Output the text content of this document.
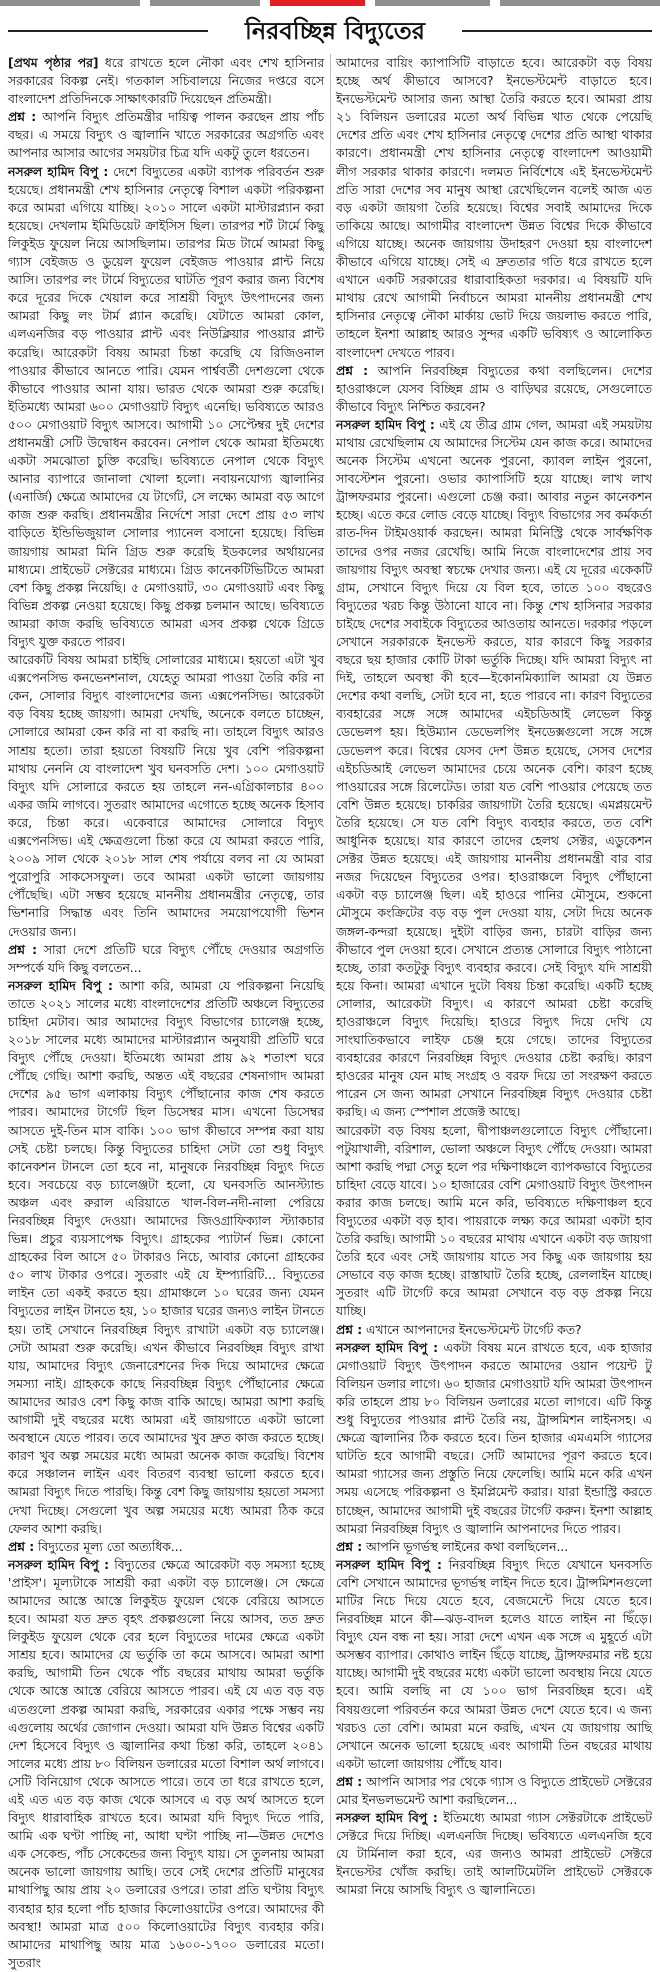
নিরবচ্ছিন্ন বিদ্যুতের

[প্রথম পৃষ্ঠার পর] ধরে রাখতে হলে নৌকা এবং শেখ হাসিনার সরকারের বিকল্প নেই। গতকাল সচিবালয়ে নিজের দপ্তরে বসে বাংলাদেশ প্রতিদিনকে সাক্ষাৎকারটি দিয়েছেন প্রতিমন্ত্রী।

প্রশ্ন : আপনি বিদ্যুৎ প্রতিমন্ত্রীর দায়িত্ব পালন করছেন প্রায় পাঁচ বছর। এ সময়ে বিদ্যুৎ ও জ্বালানি খাতে সরকারের অগ্রগতি এবং আপনার আসার আগের সময়টার চিত্র যদি একটু তুলে ধরতেন।

নসরুল হামিদ বিপু : দেশে বিদ্যুতের একটা ব্যাপক পরিবর্তন শুরু হয়েছে। প্রধানমন্ত্রী শেখ হাসিনার নেতৃত্বে বিশাল একটা পরিকল্পনা করে আমরা এগিয়ে যাচ্ছি। ২০১০ সালে একটা মাস্টারপ্ল্যান করা হয়েছে। দেখলাম ইমিডিয়েট ক্রাইসিস ছিল। তারপর শর্ট টার্মে কিছু লিকুইড ফুয়েল নিয়ে আসছিলাম। তারপর মিড টার্মে আমরা কিছু গ্যাস বেইজড ও ডুয়েল ফুয়েল বেইজড পাওয়ার প্লান্ট নিয়ে আসি। তারপর লং টার্মে বিদ্যুতের ঘাটতি পূরণ করার জন্য বিশেষ করে দূরের দিকে খেয়াল করে সাশ্রয়ী বিদ্যুৎ উৎপাদনের জন্য আমরা কিছু লং টার্ম প্ল্যান করেছি। যেটাতে আমরা কোল, এলএনজির বড় পাওয়ার প্লান্ট এবং নিউক্লিয়ার পাওয়ার প্লান্ট করেছি। আরেকটা বিষয় আমরা চিন্তা করেছি যে রিজিওনাল পাওয়ার কীভাবে আনতে পারি। যেমন পার্শ্ববর্তী দেশগুলো থেকে কীভাবে পাওয়ার আনা যায়। ভারত থেকে আমরা শুরু করেছি। ইতিমধ্যে আমরা ৬০০ মেগাওয়াট বিদ্যুৎ এনেছি। ভবিষ্যতে আরও ৫০০ মেগাওয়াট বিদ্যুৎ আসবে। আগামী ১০ সেপ্টেম্বর দুই দেশের প্রধানমন্ত্রী সেটি উদ্বোধন করবেন। নেপাল থেকে আমরা ইতিমধ্যে একটা সমঝোতা চুক্তি করেছি। ভবিষ্যতে নেপাল থেকে বিদ্যুৎ আনার ব্যাপারে জানালা খোলা হলো। নবায়নযোগ্য জ্বালানির (এনার্জি) ক্ষেত্রে আমাদের যে টার্গেট, সে লক্ষ্যে আমরা বড় আগে কাজ শুরু করছি। প্রধানমন্ত্রীর নির্দেশে সারা দেশে প্রায় ৫৩ লাখ বাড়িতে ইন্ডিভিজুয়াল সোলার প্যানেল বসানো হয়েছে। বিভিন্ন জায়গায় আমরা মিনি গ্রিড শুরু করেছি ইডকলের অর্থায়নের মাধ্যমে। প্রাইভেট সেক্টরের মাধ্যমে। গ্রিড কানেকটিভিটিতে আমরা বেশ কিছু প্রকল্প নিয়েছি। ৫ মেগাওয়াট, ৩০ মেগাওয়াট এবং কিছু বিভিন্ন প্রকল্প নেওয়া হয়েছে। কিছু প্রকল্প চলমান আছে। ভবিষ্যতে আমরা কাজ করছি ভবিষ্যতে আমরা এসব প্রকল্প থেকে গ্রিডে বিদ্যুৎ যুক্ত করতে পারব।

আরেকটি বিষয় আমরা চাইছি সোলারের মাধ্যমে। হয়তো এটা খুব এক্সপেনসিভ কনভেনশনাল, যেহেতু আমরা পাওয়া তৈরি করি না কেন, সোলার বিদ্যুৎ বাংলাদেশের জন্য এক্সপেনসিভ। আরেকটা বড় বিষয় হচ্ছে জায়গা। আমরা দেখছি, অনেকে বলতে চাচ্ছেন, সোলারে আমরা কেন করি না বা করছি না। তাহলে বিদ্যুৎ আরও সাশ্রয় হতো। তারা হয়তো বিষয়টি নিয়ে খুব বেশি পরিকল্পনা মাথায় নেননি যে বাংলাদেশ খুব ঘনবসতি দেশ। ১০০ মেগাওয়াট বিদ্যুৎ যদি সোলারে করতে হয় তাহলে নন-এগ্রিকালচার ৪০০ একর জমি লাগবে। সুতরাং আমাদের এগোতে হচ্ছে অনেক হিসাব করে, চিন্তা করে। একেবারে আমাদের সোলারে বিদ্যুৎ এক্সপেনসিভ। এই ক্ষেত্রগুলো চিন্তা করে যে আমরা করতে পারি, ২০০৯ সাল থেকে ২০১৮ সাল শেষ পর্যায়ে বলব না যে আমরা পুরোপুরি সাকসেসফুল। তবে আমরা একটা ভালো জায়গায় পৌঁছেছি। এটা সম্ভব হয়েছে মাননীয় প্রধানমন্ত্রীর নেতৃত্বে, তার ভিশনারি সিদ্ধান্ত এবং তিনি আমাদের সময়োপযোগী ভিশন দেওয়ার জন্য।

প্রশ্ন : সারা দেশে প্রতিটি ঘরে বিদ্যুৎ পৌঁছে দেওয়ার অগ্রগতি সম্পর্কে যদি কিছু বলতেন...

নসরুল হামিদ বিপু : আশা করি, আমরা যে পরিকল্পনা নিয়েছি তাতে ২০২১ সালের মধ্যে বাংলাদেশের প্রতিটি অঞ্চলে বিদ্যুতের চাহিদা মেটাব। আর আমাদের বিদ্যুৎ বিভাগের চ্যালেঞ্জ হচ্ছে, ২০১৮ সালের মধ্যে আমাদের মাস্টারপ্ল্যান অনুযায়ী প্রতিটি ঘরে বিদ্যুৎ পৌঁছে দেওয়া। ইতিমধ্যে আমরা প্রায় ৯২ শতাংশ ঘরে পৌঁছে গেছি। আশা করছি, অন্তত এই বছরের শেষনাগাদ আমরা দেশের ৯৫ ভাগ এলাকায় বিদ্যুৎ পৌঁছানোর কাজ শেষ করতে পারব। আমাদের টার্গেট ছিল ডিসেম্বর মাস। এখনো ডিসেম্বর আসতে দুই-তিন মাস বাকি। ১০০ ভাগ কীভাবে সম্পন্ন করা যায় সেই চেষ্টা চলছে। কিন্তু বিদ্যুতের চাহিদা সেটা তো শুধু বিদ্যুৎ কানেকশন টানলে তো হবে না, মানুষকে নিরবচ্ছিন্ন বিদ্যুৎ দিতে হবে। সবচেয়ে বড় চ্যালেঞ্জটা হলো, যে ঘনবসতি আনস্ট্যান্ড অঞ্চল এবং রুরাল এরিয়াতে খাল-বিল-নদী-নালা পেরিয়ে নিরবচ্ছিন্ন বিদ্যুৎ দেওয়া। আমাদের জিওগ্রাফিক্যাল স্ট্যাকচার ভিন্ন। প্রচুর ব্যয়সাপেক্ষ বিদ্যুৎ। গ্রাহকের প্যাটার্ন ভিন্ন। কোনো গ্রাহকের বিল আসে ৫০ টাকারও নিচে, আবার কোনো গ্রাহকের ৫০ লাখ টাকার ওপরে। সুতরাং এই যে ইম্প্যারিটি... বিদ্যুতের লাইন তো একই করতে হয়। গ্রামাঞ্চলে ১০ ঘরের জন্য যেমন বিদ্যুতের লাইন টানতে হয়, ১০ হাজার ঘরের জন্যও লাইন টানতে হয়। তাই সেখানে নিরবচ্ছিন্ন বিদ্যুৎ রাখাটা একটা বড় চ্যালেঞ্জ। সেটা আমরা শুরু করেছি। এখন কীভাবে নিরবচ্ছিন্ন বিদ্যুৎ রাখা যায়, আমাদের বিদ্যুৎ জেনারেশনের দিক দিয়ে আমাদের ক্ষেত্রে সমস্যা নাই। গ্রাহককে কাছে নিরবচ্ছিন্ন বিদ্যুৎ পৌঁছানোর ক্ষেত্রে আমাদের আরও বেশ কিছু কাজ বাকি আছে। আমরা আশা করছি আগামী দুই বছরের মধ্যে আমরা এই জায়গাতে একটা ভালো অবস্থানে যেতে পারব। তবে আমাদের খুব দ্রুত কাজ করতে হচ্ছে। কারণ খুব অল্প সময়ের মধ্যে আমরা অনেক কাজ করেছি। বিশেষ করে সঞ্চালন লাইন এবং বিতরণ ব্যবস্থা ভালো করতে হবে। আমরা বিদ্যুৎ দিতে পারছি। কিন্তু বেশ কিছু জায়গায় হয়তো সমস্যা দেখা দিচ্ছে। সেগুলো খুব অল্প সময়ের মধ্যে আমরা ঠিক করে ফেলব আশা করছি।

প্রশ্ন : বিদ্যুতের মূল্য তো অত্যধিক...

নসরুল হামিদ বিপু : বিদ্যুতের ক্ষেত্রে আরেকটা বড় সমস্যা হচ্ছে 'প্রাইস'। মূল্যটাকে সাশ্রয়ী করা একটা বড় চ্যালেঞ্জ। সে ক্ষেত্রে আমাদের আস্তে আস্তে লিকুইড ফুয়েল থেকে বেরিয়ে আসতে হবে। আমরা যত দ্রুত বৃহৎ প্রকল্পগুলো নিয়ে আসব, তত দ্রুত লিকুইড ফুয়েল থেকে বের হলে বিদ্যুতের দামের ক্ষেত্রে একটা সাশ্রয় হবে। আমাদের যে ভর্তুকি তা কমে আসবে। আমরা আশা করছি, আগামী তিন থেকে পাঁচ বছরের মাথায় আমরা ভর্তুকি থেকে আস্তে আস্তে বেরিয়ে আসতে পারব। এই যে এত বড় বড় এতগুলো প্রকল্প আমরা করছি, সরকারের একার পক্ষে সম্ভব নয় এগুলোয় অর্থের জোগান দেওয়া। আমরা যদি উন্নত বিশ্বের একটি দেশ হিসেবে বিদ্যুৎ ও জ্বালানির কথা চিন্তা করি, তাহলে ২০৪১ সালের মধ্যে প্রায় ৮০ বিলিয়ন ডলারের মতো বিশাল অর্থ লাগবে। সেটি বিনিয়োগ থেকে আসতে পারে। তবে তা ধরে রাখতে হলে, এই এত এত বড় কাজ থেকে আসবে এ বড় অর্থ আসতে হলে বিদ্যুৎ ধারাবাহিক রাখতে হবে। আমরা যদি বিদ্যুৎ দিতে পারি, আমি এক ঘণ্টা পাচ্ছি না, আধা ঘণ্টা পাচ্ছি না—উন্নত দেশেও এক সেকেন্ড, পাঁচ সেকেন্ডের জন্য বিদ্যুৎ যায়। সে তুলনায় আমরা অনেক ভালো জায়গায় আছি। তবে সেই দেশের প্রতিটি মানুষের মাথাপিছু আয় প্রায় ২০ ডলারের ওপরে। তারা প্রতি ঘণ্টায় বিদ্যুৎ ব্যবহার হার হলো পাঁচ হাজার কিলোওয়াটের ওপরে। আমাদের কী অবস্থা! আমরা মাত্র ৫০০ কিলোওয়াটের বিদ্যুৎ ব্যবহার করি। আমাদের মাথাপিছু আয় মাত্র ১৬০০-১৭০০ ডলারের মতো। সুতরাং

আমাদের বায়িং ক্যাপাসিটি বাড়াতে হবে। আরেকটা বড় বিষয় হচ্ছে অর্থ কীভাবে আসবে? ইনভেস্টমেন্ট বাড়াতে হবে। ইনভেস্টমেন্ট আসার জন্য আস্থা তৈরি করতে হবে। আমরা প্রায় ২১ বিলিয়ন ডলারের মতো অর্থ বিভিন্ন খাত থেকে পেয়েছি দেশের প্রতি এবং শেখ হাসিনার নেতৃত্বে দেশের প্রতি আস্থা থাকার কারণে। প্রধানমন্ত্রী শেখ হাসিনার নেতৃত্বে বাংলাদেশ আওয়ামী লীগ সরকার থাকার কারণে। দলমত নির্বিশেষে এই ইনভেস্টমেন্ট প্রতি সারা দেশের সব মানুষ আস্থা রেখেছিলেন বলেই আজ এত বড় একটা জায়গা তৈরি হয়েছে। বিশ্বের সবাই আমাদের দিকে তাকিয়ে আছে। আগামীর বাংলাদেশ উন্নত বিশ্বের দিকে কীভাবে এগিয়ে যাচ্ছে। অনেক জায়গায় উদাহরণ দেওয়া হয় বাংলাদেশ কীভাবে এগিয়ে যাচ্ছে। সেই এ দ্রুততার গতি ধরে রাখতে হলে এখানে একটি সরকারের ধারাবাহিকতা দরকার। এ বিষয়টি যদি মাথায় রেখে আগামী নির্বাচনে আমরা মাননীয় প্রধানমন্ত্রী শেখ হাসিনার নেতৃত্বে নৌকা মার্কায় ভোট দিয়ে জয়লাভ করতে পারি, তাহলে ইনশা আল্লাহ আরও সুন্দর একটি ভবিষ্যৎ ও আলোকিত বাংলাদেশ দেখতে পারব।

প্রশ্ন : আপনি নিরবচ্ছিন্ন বিদ্যুতের কথা বলছিলেন। দেশের হাওরাঞ্চলে যেসব বিচ্ছিন্ন গ্রাম ও বাড়িঘর রয়েছে, সেগুলোতে কীভাবে বিদ্যুৎ নিশ্চিত করবেন?

নসরুল হামিদ বিপু : এই যে তীব্র গ্রাম গেল, আমরা এই সময়টায় মাথায় রেখেছিলাম যে আমাদের সিস্টেম যেন কাজ করে। আমাদের অনেক সিস্টেম এখনো অনেক পুরনো, ক্যাবল লাইন পুরনো, সাবস্টেশন পুরনো। ওভার ক্যাপাসিটি হয়ে যাচ্ছে। লাখ লাখ ট্রান্সফরমার পুরনো। এগুলো চেঞ্জ করা। আবার নতুন কানেকশন হচ্ছে। এতে করে লোড বেড়ে যাচ্ছে। বিদ্যুৎ বিভাগের সব কর্মকর্তা রাত-দিন টাইমওয়ার্ক করছেন। আমরা মিনিস্ট্রি থেকে সার্বক্ষণিক তাদের ওপর নজর রেখেছি। আমি নিজে বাংলাদেশের প্রায় সব জায়গায় বিদ্যুৎ অবস্থা স্বচক্ষে দেখার জন্য। এই যে দূরের একেকটি গ্রাম, সেখানে বিদ্যুৎ দিয়ে যে বিল হবে, তাতে ১০০ বছরেও বিদ্যুতের খরচ কিন্তু উঠানো যাবে না। কিন্তু শেখ হাসিনার সরকার চাইছে দেশের সবাইকে বিদ্যুতের আওতায় আনতে। দরকার পড়লে সেখানে সরকারকে ইনভেস্ট করতে, যার কারণে কিছু সরকার বছরে ছয় হাজার কোটি টাকা ভর্তুকি দিচ্ছে। যদি আমরা বিদ্যুৎ না দিই, তাহলে অবস্থা কী হবে—ইকোনমিক্যালি আমরা যে উন্নত দেশের কথা বলছি, সেটা হবে না, হতে পারবে না। কারণ বিদ্যুতের ব্যবহারের সঙ্গে সঙ্গে আমাদের এইচডিআই লেভেল কিন্তু ডেভেলপ হয়। হিউম্যান ডেভেলপিং ইনডেক্সগুলো সঙ্গে সঙ্গে ডেভেলপ করে। বিশ্বের যেসব দেশ উন্নত হয়েছে, সেসব দেশের এইচডিআই লেভেল আমাদের চেয়ে অনেক বেশি। কারণ হচ্ছে পাওয়ারের সঙ্গে রিলেটেড। তারা যত বেশি পাওয়ার পেয়েছে তত বেশি উন্নত হয়েছে। চাকরির জায়গাটা তৈরি হয়েছে। এমপ্লয়মেন্ট তৈরি হয়েছে। সে যত বেশি বিদ্যুৎ ব্যবহার করতে, তত বেশি আধুনিক হয়েছে। যার কারণে তাদের হেলথ সেক্টর, এডুকেশন সেক্টর উন্নত হয়েছে। এই জায়গায় মাননীয় প্রধানমন্ত্রী বার বার নজর দিয়েছেন বিদ্যুতের ওপর। হাওরাঞ্চলে বিদ্যুৎ পৌঁছানো একটা বড় চ্যালেঞ্জ ছিল। এই হাওরে পানির মৌসুমে, শুকনো মৌসুমে কংক্রিটের বড় বড় পুল দেওয়া যায়, সেটা দিয়ে অনেক জঙ্গল-কন্দরা হয়েছে। দুইটা বাড়ির জন্য, চারটা বাড়ির জন্য কীভাবে পুল দেওয়া হবে। সেখানে প্রত্যন্ত সোলারে বিদ্যুৎ পাঠানো হচ্ছে, তারা কতটুকু বিদ্যুৎ ব্যবহার করবে। সেই বিদ্যুৎ যদি সাশ্রয়ী হয়ে কিনা। আমরা এখানে দুটো বিষয় চিন্তা করেছি। একটি হচ্ছে সোলার, আরেকটা বিদ্যুৎ। এ কারণে আমরা চেষ্টা করেছি হাওরাঞ্চলে বিদ্যুৎ দিয়েছি। হাওরে বিদ্যুৎ দিয়ে দেখি যে সাংঘাতিকভাবে লাইফ চেঞ্জ হয়ে গেছে। তাদের বিদ্যুতের ব্যবহারের কারণে নিরবচ্ছিন্ন বিদ্যুৎ দেওয়ার চেষ্টা করছি। কারণ হাওরের মানুষ যেন মাছ সংগ্রহ ও বরফ দিয়ে তা সংরক্ষণ করতে পারেন সে জন্য আমরা সেখানে নিরবচ্ছিন্ন বিদ্যুৎ দেওয়ার চেষ্টা করছি। এ জন্য স্পেশাল প্রজেক্ট আছে।

আরেকটা বড় বিষয় হলো, দ্বীপাঞ্চলগুলোতে বিদ্যুৎ পৌঁছানো। পটুয়াখালী, বরিশাল, ভোলা অঞ্চলে বিদ্যুৎ পৌঁছে দেওয়া। আমরা আশা করছি পদ্মা সেতু হলে পর দক্ষিণাঞ্চলে ব্যাপকভাবে বিদ্যুতের চাহিদা বেড়ে যাবে। ১০ হাজারের বেশি মেগাওয়াট বিদ্যুৎ উৎপাদন করার কাজ চলছে। আমি মনে করি, ভবিষ্যতে দক্ষিণাঞ্চল হবে বিদ্যুতের একটা বড় হাব। পায়রাকে লক্ষ্য করে আমরা একটা হাব তৈরি করছি। আগামী ১০ বছরের মাথায় এখানে একটা বড় জায়গা তৈরি হবে এবং সেই জায়গায় যাতে সব কিছু এক জায়গায় হয় সেভাবে বড় কাজ হচ্ছে। রাস্তাঘাট তৈরি হচ্ছে, রেললাইন যাচ্ছে। সুতরাং এটি টার্গেট করে আমরা সেখানে বড় বড় প্রকল্প নিয়ে যাচ্ছি।

প্রশ্ন : এখানে আপনাদের ইনভেস্টমেন্ট টার্গেট কত?

নসরুল হামিদ বিপু : একটা বিষয় মনে রাখতে হবে, এক হাজার মেগাওয়াট বিদ্যুৎ উৎপাদন করতে আমাদের ওয়ান পয়েন্ট টু বিলিয়ন ডলার লাগে। ৬০ হাজার মেগাওয়াট যদি আমরা উৎপাদন করি তাহলে প্রায় ৮০ বিলিয়ন ডলারের মতো লাগবে। এটি কিন্তু শুধু বিদ্যুতের পাওয়ার প্লান্ট তৈরি নয়, ট্রান্সমিশন লাইনসহ। এ ক্ষেত্রে জ্বালানির ঠিক করতে হবে। তিন হাজার এমএমসি গ্যাসের ঘাটতি হবে আগামী বছরে। সেটি আমাদের পূরণ করতে হবে। আমরা গ্যাসের জন্য প্রস্তুতি নিয়ে ফেলেছি। আমি মনে করি এখন সময় এসেছে পরিকল্পনা ও ইমপ্লিমেন্ট করার। যারা ইন্ডাস্ট্রি করতে চাচ্ছেন, আমাদের আগামী দুই বছরের টার্গেট করুন। ইনশা আল্লাহ আমরা নিরবচ্ছিন্ন বিদ্যুৎ ও জ্বালানি আপনাদের দিতে পারব।

প্রশ্ন : আপনি ভূগর্ভস্থ লাইনের কথা বলছিলেন...

নসরুল হামিদ বিপু : নিরবচ্ছিন্ন বিদ্যুৎ দিতে যেখানে ঘনবসতি বেশি সেখানে আমাদের ভূগর্ভস্থ লাইন দিতে হবে। ট্রান্সমিশনগুলো মাটির নিচে দিয়ে যেতে হবে, বেজমেন্টে দিয়ে যেতে হবে। নিরবচ্ছিন্ন মানে কী—ঝড়-বাদল হলেও যাতে লাইন না ছিঁড়ে। বিদ্যুৎ যেন বন্ধ না হয়। সারা দেশে এখন এক সঙ্গে এ মুহূর্তে এটা অসম্ভব ব্যাপার। কোথাও লাইন ছিঁড়ে যাচ্ছে, ট্রান্সফরমার নষ্ট হয়ে যাচ্ছে। আগামী দুই বছরের মধ্যে একটা ভালো অবস্থায় নিয়ে যেতে হবে। আমি বলছি না যে ১০০ ভাগ নিরবচ্ছিন্ন হবে। এই বিষয়গুলো পরিবর্তন করে আমরা উন্নত দেশে যেতে হবে। এ জন্য খরচও তো বেশি। আমরা মনে করছি, এখন যে জায়গায় আছি সেখানে অনেক ভালো হয়েছে এবং আগামী তিন বছরের মাথায় একটা ভালো জায়গায় পৌঁছে যাব।

প্রশ্ন : আপনি আসার পর থেকে গ্যাস ও বিদ্যুতে প্রাইভেট সেক্টরের মোর ইনভলভমেন্ট আশা করছিলেন...

নসরুল হামিদ বিপু : ইতিমধ্যে আমরা গ্যাস সেক্টরটাকে প্রাইভেট সেক্টরে দিয়ে দিচ্ছি। এলএনজি দিচ্ছে। ভবিষ্যতে এলএনজি হবে যে টার্মিনাল করা হবে, এর জন্যও আমরা প্রাইভেট সেক্টরে ইনভেস্টর খোঁজ করছি। তাই আলটিমেটলি প্রাইভেট সেক্টরকে আমরা নিয়ে আসছি বিদ্যুৎ ও জ্বালানিতে।
